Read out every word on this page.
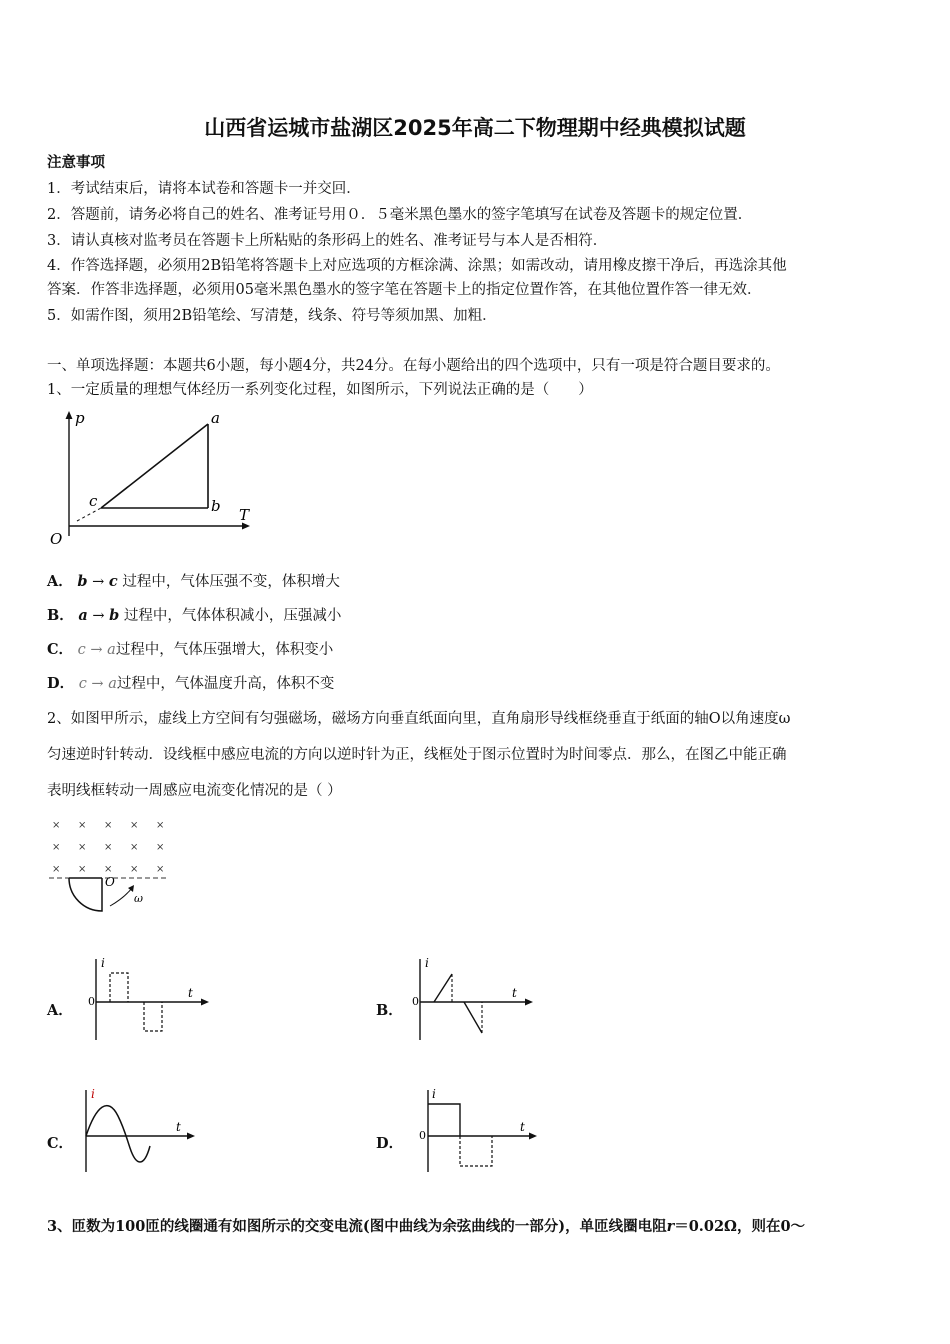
山西省运城市盐湖区2025年高二下物理期中经典模拟试题
注意事项
1．考试结束后，请将本试卷和答题卡一并交回．
2．答题前，请务必将自己的姓名、准考证号用０．５毫米黑色墨水的签字笔填写在试卷及答题卡的规定位置．
3．请认真核对监考员在答题卡上所粘贴的条形码上的姓名、准考证号与本人是否相符．
4．作答选择题，必须用2B铅笔将答题卡上对应选项的方框涂满、涂黑；如需改动，请用橡皮擦干净后，再选涂其他
答案．作答非选择题，必须用05毫米黑色墨水的签字笔在答题卡上的指定位置作答，在其他位置作答一律无效．
5．如需作图，须用2B铅笔绘、写清楚，线条、符号等须加黑、加粗．
一、单项选择题：本题共6小题，每小题4分，共24分。在每小题给出的四个选项中，只有一项是符合题目要求的。
1、一定质量的理想气体经历一系列变化过程，如图所示，下列说法正确的是（　　）
p	a
b
c
O
T
A． b → c 过程中，气体压强不变，体积增大
B． a → b 过程中，气体体积减小，压强减小
C． c → a过程中，气体压强增大，体积变小
D． c → a过程中，气体温度升高，体积不变
2、如图甲所示，虚线上方空间有匀强磁场，磁场方向垂直纸面向里，直角扇形导线框绕垂直于纸面的轴O以角速度ω
匀速逆时针转动．设线框中感应电流的方向以逆时针为正，线框处于图示位置时为时间零点．那么，在图乙中能正确
表明线框转动一周感应电流变化情况的是（ ）
× × × × ×
× × × × ×
× × × × ×
O
ω
A．
i
t
0
B．
i
t
0
C．
i
t
D．
i
t
0
3、匝数为100匝的线圈通有如图所示的交变电流(图中曲线为余弦曲线的一部分)，单匝线圈电阻r＝0.02Ω，则在0～
